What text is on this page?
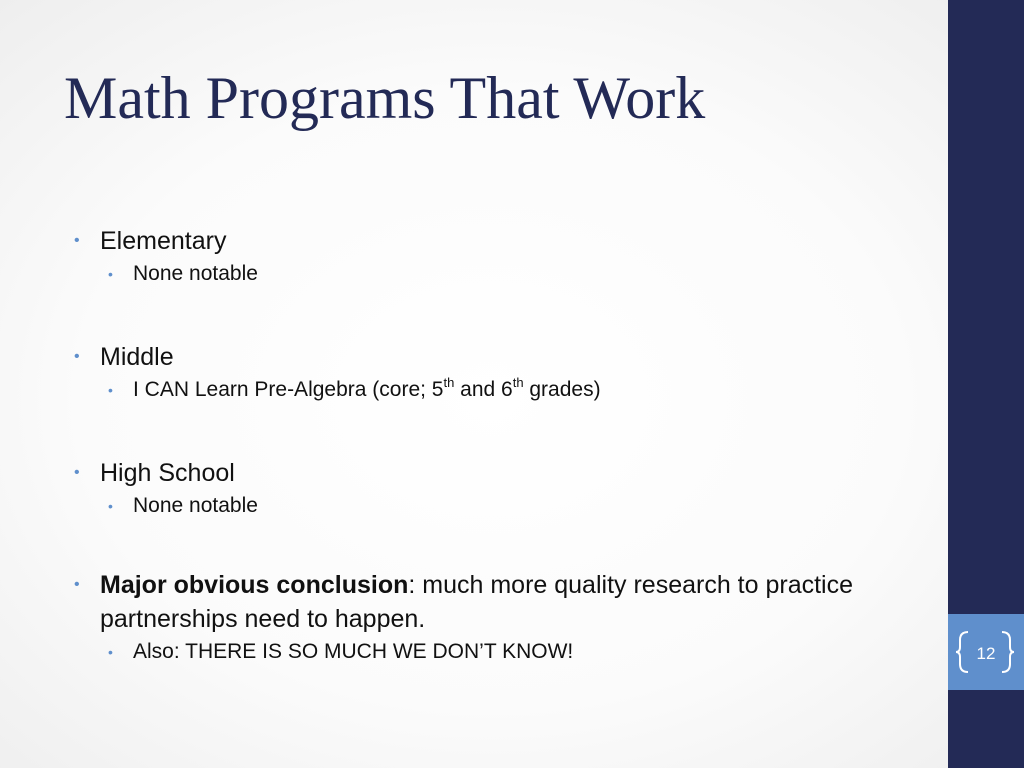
Math Programs That Work
• Elementary
• None notable
• Middle
• I CAN Learn Pre-Algebra (core; 5th and 6th grades)
• High School
• None notable
• Major obvious conclusion: much more quality research to practice partnerships need to happen.
• Also: THERE IS SO MUCH WE DON’T KNOW!	12
